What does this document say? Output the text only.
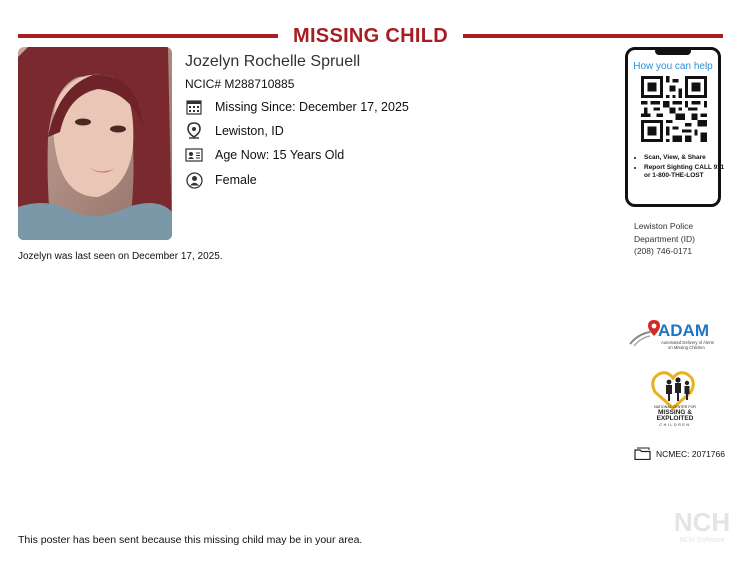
MISSING CHILD
Jozelyn Rochelle Spruell
NCIC# M288710885
Missing Since: December 17, 2025
Lewiston, ID
Age Now: 15 Years Old
Female
Jozelyn was last seen on December 17, 2025.
How you can help
• Scan, View, & Share
• Report Sighting CALL 911 or 1-800-THE-LOST
Lewiston Police
Department (ID)
(208) 746-0171
ADAM
Automated Delivery of Alerts
on Missing Children
NATIONAL CENTER FOR
MISSING &
EXPLOITED
CHILDREN
NCMEC: 2071766
This poster has been sent because this missing child may be in your area.
NCH
NCH Software
